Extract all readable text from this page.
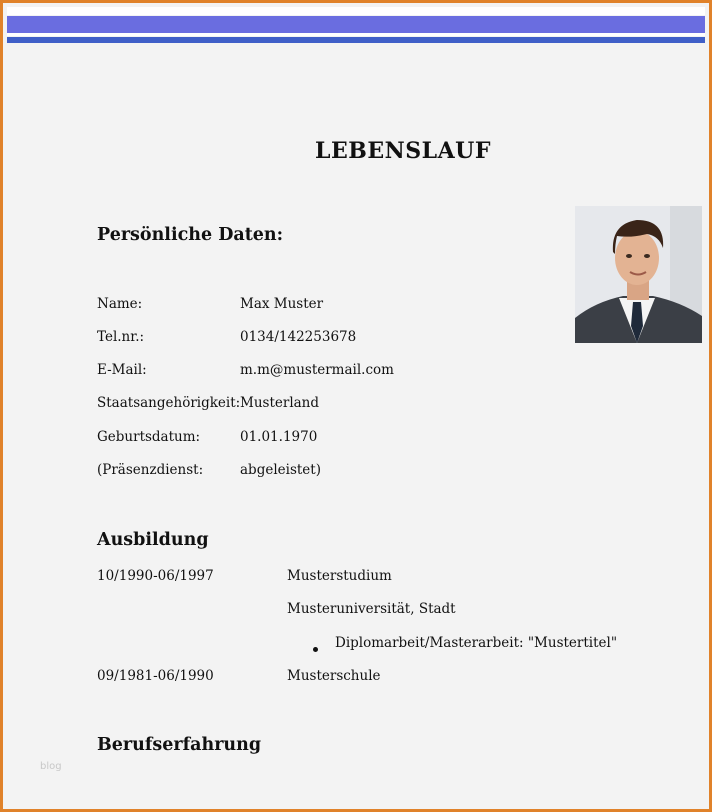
LEBENSLAUF
Persönliche Daten:
Name:	Max Muster
Tel.nr.:	0134/142253678
E-Mail:	m.m@mustermail.com
Staatsangehörigkeit: Musterland
Geburtsdatum:	01.01.1970
(Präsenzdienst:	abgeleistet)
Ausbildung
10/1990-06/1997	Musterstudium
Musteruniversität, Stadt
Diplomarbeit/Masterarbeit: "Mustertitel"
09/1981-06/1990	Musterschule
Berufserfahrung
blog
